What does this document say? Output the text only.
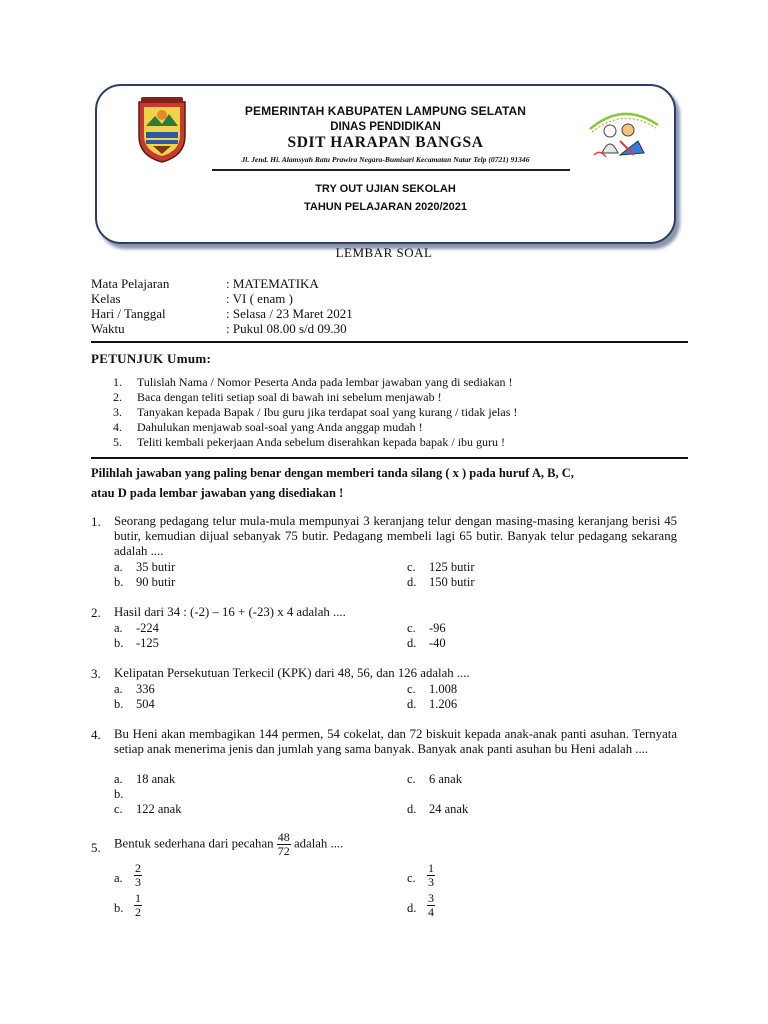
PEMERINTAH KABUPATEN LAMPUNG SELATAN
DINAS PENDIDIKAN
SDIT HARAPAN BANGSA
Jl. Jend. Hi. Alamsyah Ratu Prawira Negara-Bumisari Kecamatan Natar Telp (0721) 91346
TRY OUT UJIAN SEKOLAH
TAHUN PELAJARAN 2020/2021
LEMBAR SOAL
Mata Pelajaran	: MATEMATIKA
Kelas	: VI ( enam )
Hari / Tanggal	: Selasa / 23 Maret 2021
Waktu	: Pukul 08.00 s/d 09.30
PETUNJUK Umum:
1. Tulislah Nama / Nomor Peserta Anda pada lembar jawaban yang di sediakan !
2. Baca dengan teliti setiap soal di bawah ini sebelum menjawab !
3. Tanyakan kepada Bapak / Ibu guru jika terdapat soal yang kurang / tidak jelas !
4. Dahulukan menjawab soal-soal yang Anda anggap mudah !
5. Teliti kembali pekerjaan Anda sebelum diserahkan kepada bapak / ibu guru !
Pilihlah jawaban yang paling benar dengan memberi tanda silang ( x ) pada huruf A, B, C,
atau D pada lembar jawaban yang disediakan !
1. Seorang pedagang telur mula-mula mempunyai 3 keranjang telur dengan masing-masing keranjang berisi 45 butir, kemudian dijual sebanyak 75 butir. Pedagang membeli lagi 65 butir. Banyak telur pedagang sekarang adalah ....
a. 35 butir
b. 90 butir
c. 125 butir
d. 150 butir
2. Hasil dari 34 : (-2) – 16 + (-23) x 4 adalah ....
a. -224
b. -125
c. -96
d. -40
3. Kelipatan Persekutuan Terkecil (KPK) dari 48, 56, dan 126 adalah ....
a. 336
b. 504
c. 1.008
d. 1.206
4. Bu Heni akan membagikan 144 permen, 54 cokelat, dan 72 biskuit kepada anak-anak panti asuhan. Ternyata setiap anak menerima jenis dan jumlah yang sama banyak. Banyak anak panti asuhan bu Heni adalah ....
a. 18 anak
b.
c. 6 anak
c. 122 anak	d. 24 anak
5. Bentuk sederhana dari pecahan $\frac{48}{72}$ adalah ....
a. $\frac{2}{3}$
b. $\frac{1}{2}$
c. $\frac{1}{3}$
d. $\frac{3}{4}$
